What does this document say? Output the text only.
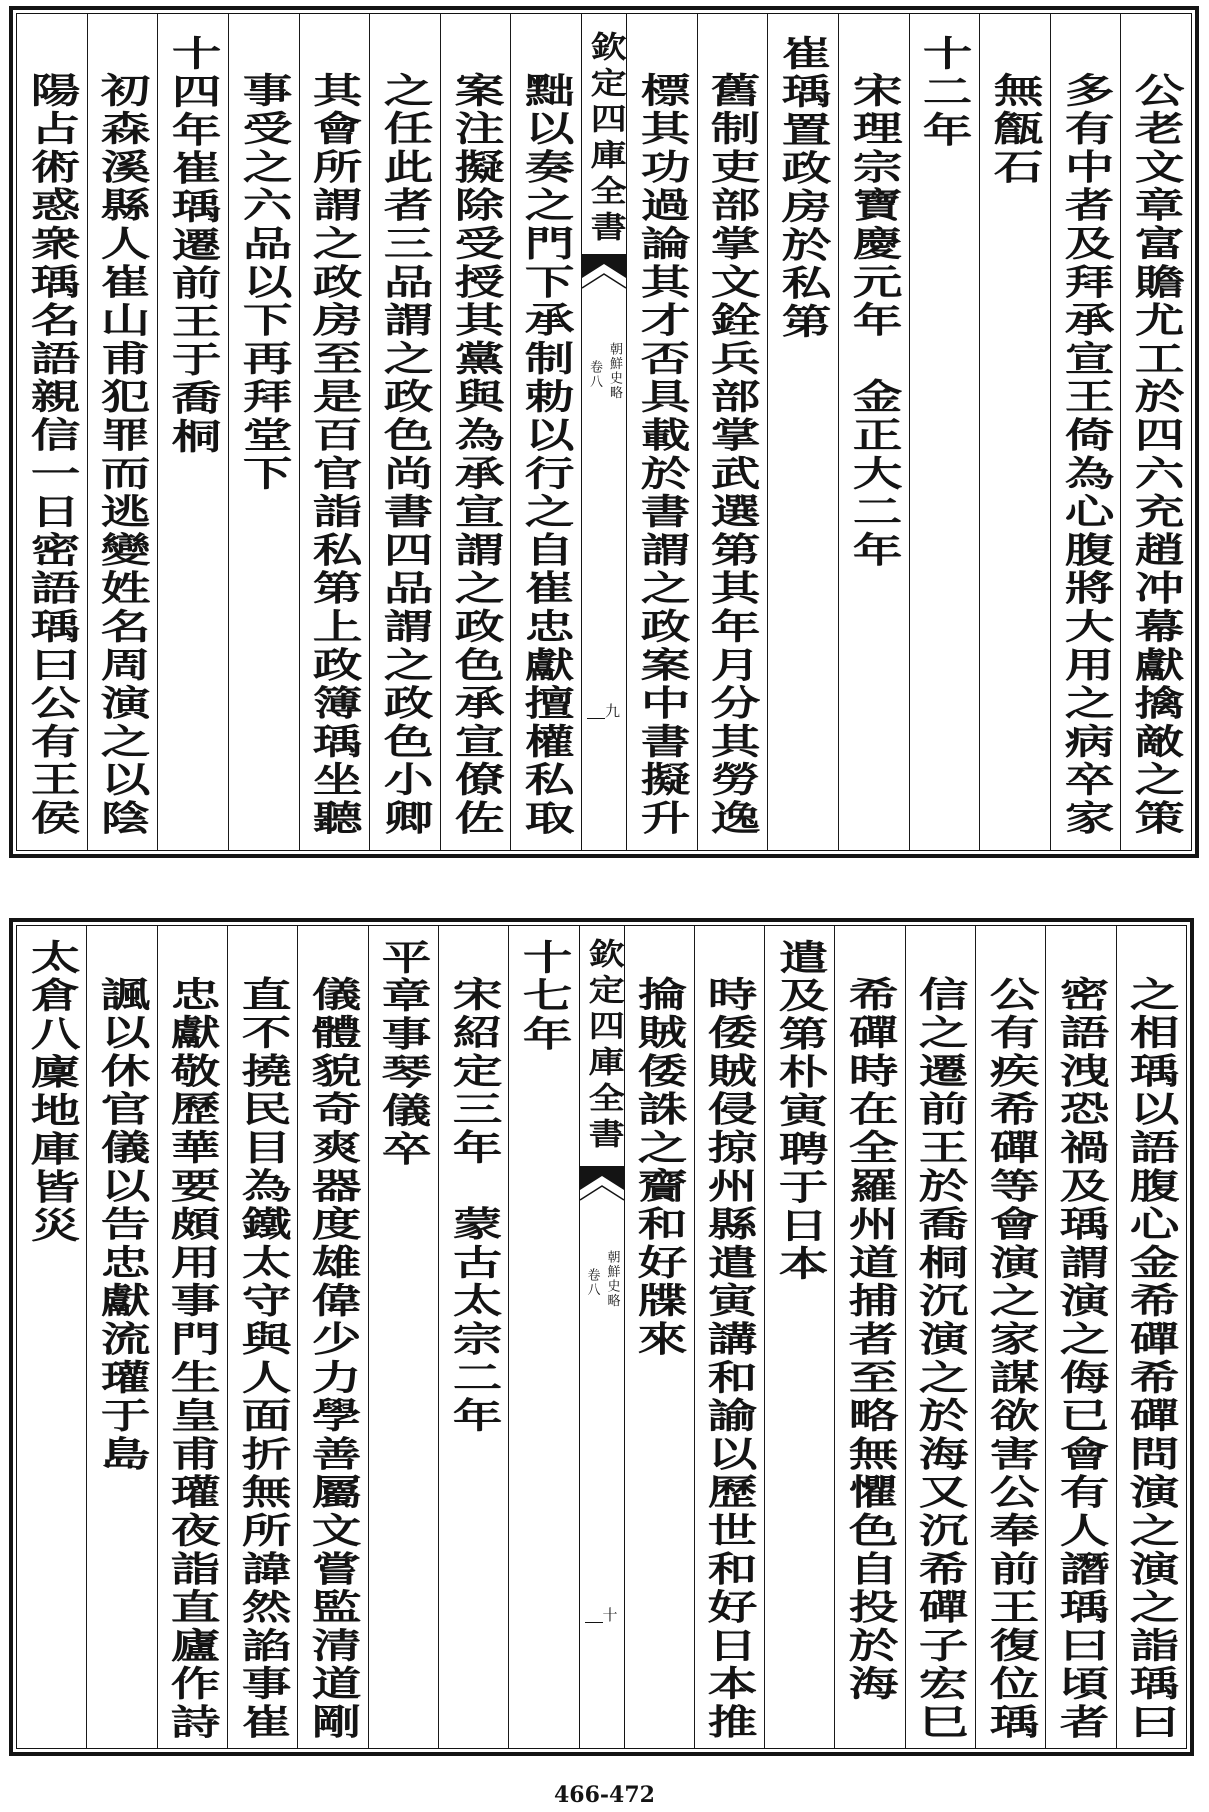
公老文章富贍尤工於四六充趙冲幕獻擒敵之策
多有中者及拜承宣王倚為心腹將大用之病卒家
無甔石
十二年
宋理宗寶慶元年　金正大二年
崔瑀置政房於私第
舊制吏部掌文銓兵部掌武選第其年月分其勞逸
標其功過論其才否具載於書謂之政案中書擬升
欽定四庫全書
朝鮮史略
卷八
九
黜以奏之門下承制勅以行之自崔忠獻擅權私取
案注擬除受授其黨與為承宣謂之政色承宣僚佐
之任此者三品謂之政色尚書四品謂之政色小卿
其會所謂之政房至是百官詣私第上政簿瑀坐聽
事受之六品以下再拜堂下
十四年崔瑀遷前王于喬桐
初森溪縣人崔山甫犯罪而逃變姓名周演之以陰
陽占術惑衆瑀名語親信一日密語瑀曰公有王侯
之相瑀以語腹心金希磾希磾問演之演之詣瑀曰
密語洩恐禍及瑀謂演之侮已會有人譖瑀曰頃者
公有疾希磾等會演之家謀欲害公奉前王復位瑀
信之遷前王於喬桐沉演之於海又沉希磾子宏巳
希磾時在全羅州道捕者至略無懼色自投於海
遣及第朴寅聘于日本
時倭賊侵掠州縣遣寅講和諭以歷世和好日本推
掄賊倭誅之齎和好牒來
欽定四庫全書
朝鮮史略
卷八
十
十七年
宋紹定三年　蒙古太宗二年
平章事琴儀卒
儀體貌奇爽器度雄偉少力學善屬文嘗監清道剛
直不撓民目為鐵太守與人面折無所諱然諂事崔
忠獻敬歷華要頗用事門生皇甫瓘夜詣直廬作詩
諷以休官儀以告忠獻流瓘于島
太倉八廩地庫皆災
466-472
